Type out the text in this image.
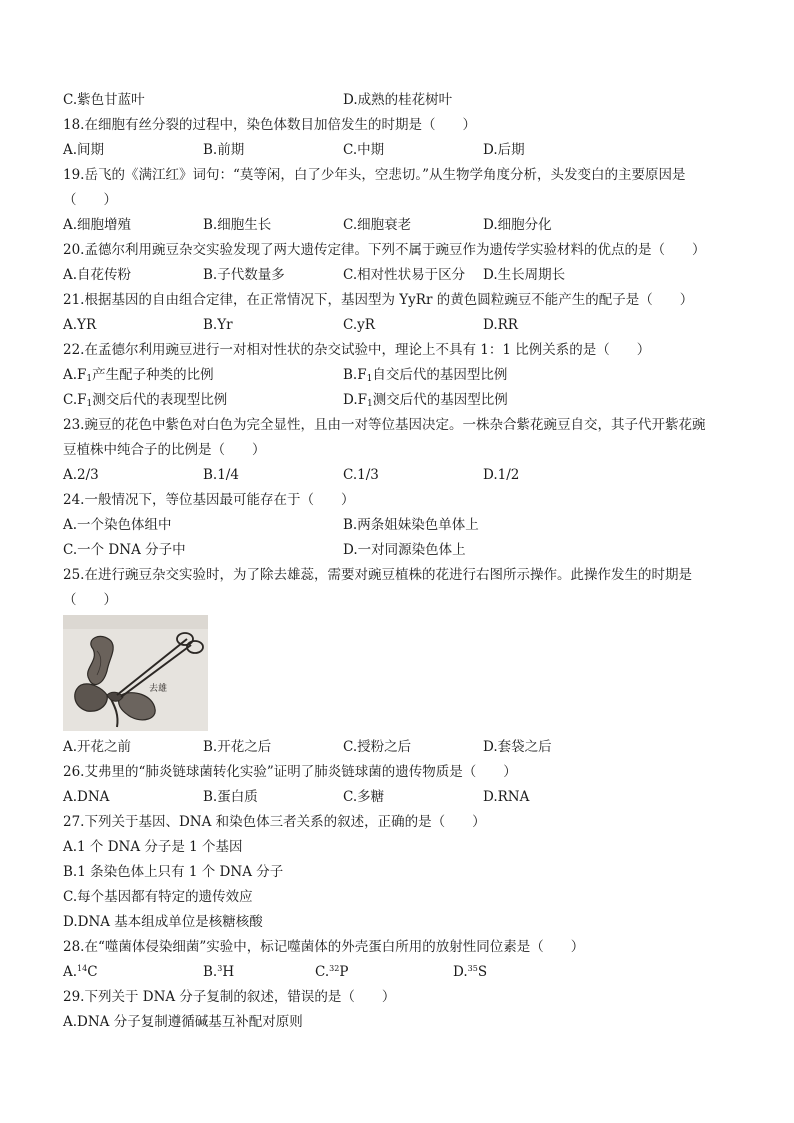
C.紫色甘蓝叶	D.成熟的桂花树叶
18.在细胞有丝分裂的过程中，染色体数目加倍发生的时期是（　　）
A.间期	B.前期	C.中期	D.后期
19.岳飞的《满江红》词句：“莫等闲，白了少年头，空悲切。”从生物学角度分析，头发变白的主要原因是
（　　）
A.细胞增殖	B.细胞生长	C.细胞衰老	D.细胞分化
20.孟德尔利用豌豆杂交实验发现了两大遗传定律。下列不属于豌豆作为遗传学实验材料的优点的是（　　）
A.自花传粉	B.子代数量多	C.相对性状易于区分 D.生长周期长
21.根据基因的自由组合定律，在正常情况下，基因型为 YyRr 的黄色圆粒豌豆不能产生的配子是（　　）
A.YR	B.Yr	C.yR	D.RR
22.在孟德尔利用豌豆进行一对相对性状的杂交试验中，理论上不具有 1：1 比例关系的是（　　）
$A.F_1$产生配子种类的比例	$B.F_1$自交后代的基因型比例
$C.F_1$测交后代的表现型比例	$D.F_1$测交后代的基因型比例
23.豌豆的花色中紫色对白色为完全显性，且由一对等位基因决定。一株杂合紫花豌豆自交，其子代开紫花豌
豆植株中纯合子的比例是（　　）
A.2/3	B.1/4	C.1/3	D.1/2
24.一般情况下，等位基因最可能存在于（　　）
A.一个染色体组中	B.两条姐妹染色单体上
C.一个 DNA 分子中	D.一对同源染色体上
25.在进行豌豆杂交实验时，为了除去雄蕊，需要对豌豆植株的花进行右图所示操作。此操作发生的时期是
（　　）
去雄
A.开花之前	B.开花之后	C.授粉之后	D.套袋之后
26.艾弗里的“肺炎链球菌转化实验”证明了肺炎链球菌的遗传物质是（　　）
A.DNA	B.蛋白质	C.多糖	D.RNA
27.下列关于基因、DNA 和染色体三者关系的叙述，正确的是（　　）
A.1 个 DNA 分子是 1 个基因
B.1 条染色体上只有 1 个 DNA 分子
C.每个基因都有特定的遗传效应
D.DNA 基本组成单位是核糖核酸
28.在“噬菌体侵染细菌”实验中，标记噬菌体的外壳蛋白所用的放射性同位素是（　　）
A.$^{14}$C	B.$^3$H	C.$^{32}$P	D.$^{35}$S
29.下列关于 DNA 分子复制的叙述，错误的是（　　）
A.DNA 分子复制遵循碱基互补配对原则
